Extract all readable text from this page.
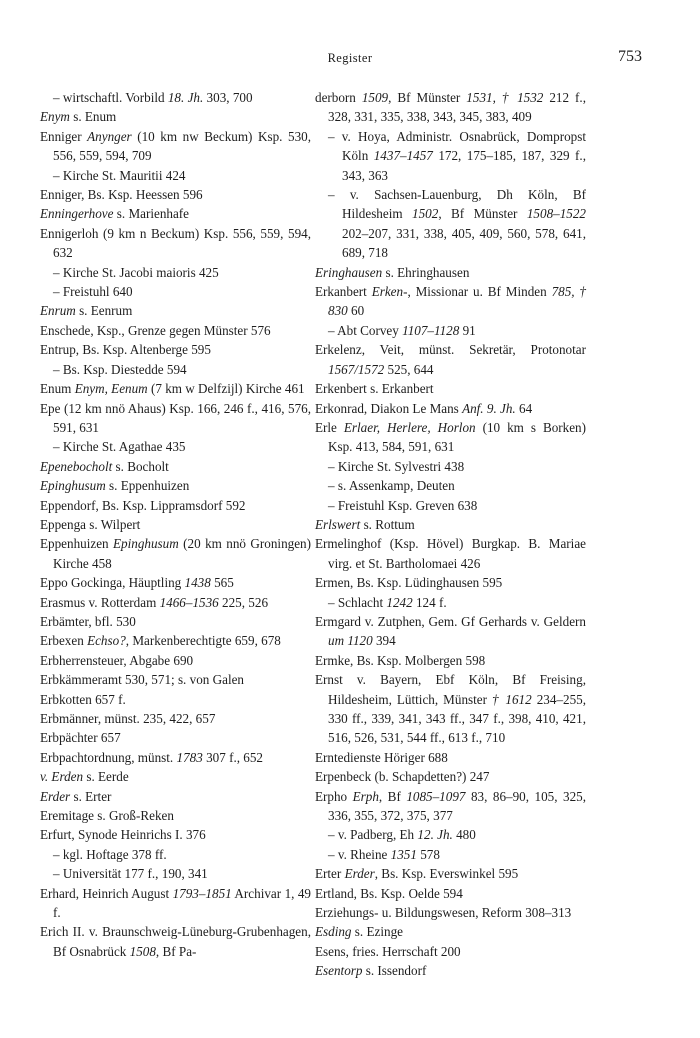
Register	753

– wirtschaftl. Vorbild 18. Jh. 303, 700

Enym s. Enum

Enniger Anynger (10 km nw Beckum) Ksp. 530, 556, 559, 594, 709

– Kirche St. Mauritii 424

Enniger, Bs. Ksp. Heessen 596

Enningerhove s. Marienhafe

Ennigerloh (9 km n Beckum) Ksp. 556, 559, 594, 632

– Kirche St. Jacobi maioris 425

– Freistuhl 640

Enrum s. Eenrum

Enschede, Ksp., Grenze gegen Münster 576

Entrup, Bs. Ksp. Altenberge 595

– Bs. Ksp. Diestedde 594

Enum Enym, Eenum (7 km w Delfzijl) Kirche 461

Epe (12 km nnö Ahaus) Ksp. 166, 246 f., 416, 576, 591, 631

– Kirche St. Agathae 435

Epenebocholt s. Bocholt

Epinghusum s. Eppenhuizen

Eppendorf, Bs. Ksp. Lippramsdorf 592

Eppenga s. Wilpert

Eppenhuizen Epinghusum (20 km nnö Groningen) Kirche 458

Eppo Gockinga, Häuptling 1438 565

Erasmus v. Rotterdam 1466–1536 225, 526

Erbämter, bfl. 530

Erbexen Echso?, Markenberechtigte 659, 678

Erbherrensteuer, Abgabe 690

Erbkämmeramt 530, 571; s. von Galen

Erbkotten 657 f.

Erbmänner, münst. 235, 422, 657

Erbpächter 657

Erbpachtordnung, münst. 1783 307 f., 652

v. Erden s. Eerde

Erder s. Erter

Eremitage s. Groß-Reken

Erfurt, Synode Heinrichs I. 376

– kgl. Hoftage 378 ff.

– Universität 177 f., 190, 341

Erhard, Heinrich August 1793–1851 Archivar 1, 49 f.

Erich II. v. Braunschweig-Lüneburg-Grubenhagen, Bf Osnabrück 1508, Bf Pa-

derborn 1509, Bf Münster 1531, † 1532 212 f., 328, 331, 335, 338, 343, 345, 383, 409

– v. Hoya, Administr. Osnabrück, Dompropst Köln 1437–1457 172, 175–185, 187, 329 f., 343, 363

– v. Sachsen-Lauenburg, Dh Köln, Bf Hildesheim 1502, Bf Münster 1508–1522 202–207, 331, 338, 405, 409, 560, 578, 641, 689, 718

Eringhausen s. Ehringhausen

Erkanbert Erken-, Missionar u. Bf Minden 785, † 830 60

– Abt Corvey 1107–1128 91

Erkelenz, Veit, münst. Sekretär, Protonotar 1567/1572 525, 644

Erkenbert s. Erkanbert

Erkonrad, Diakon Le Mans Anf. 9. Jh. 64

Erle Erlaer, Herlere, Horlon (10 km s Borken) Ksp. 413, 584, 591, 631

– Kirche St. Sylvestri 438

– s. Assenkamp, Deuten

– Freistuhl Ksp. Greven 638

Erlswert s. Rottum

Ermelinghof (Ksp. Hövel) Burgkap. B. Mariae virg. et St. Bartholomaei 426

Ermen, Bs. Ksp. Lüdinghausen 595

– Schlacht 1242 124 f.

Ermgard v. Zutphen, Gem. Gf Gerhards v. Geldern um 1120 394

Ermke, Bs. Ksp. Molbergen 598

Ernst v. Bayern, Ebf Köln, Bf Freising, Hildesheim, Lüttich, Münster † 1612 234–255, 330 ff., 339, 341, 343 ff., 347 f., 398, 410, 421, 516, 526, 531, 544 ff., 613 f., 710

Erntedienste Höriger 688

Erpenbeck (b. Schapdetten?) 247

Erpho Erph, Bf 1085–1097 83, 86–90, 105, 325, 336, 355, 372, 375, 377

– v. Padberg, Eh 12. Jh. 480

– v. Rheine 1351 578

Erter Erder, Bs. Ksp. Everswinkel 595

Ertland, Bs. Ksp. Oelde 594

Erziehungs- u. Bildungswesen, Reform 308–313

Esding s. Ezinge

Esens, fries. Herrschaft 200

Esentorp s. Issendorf
